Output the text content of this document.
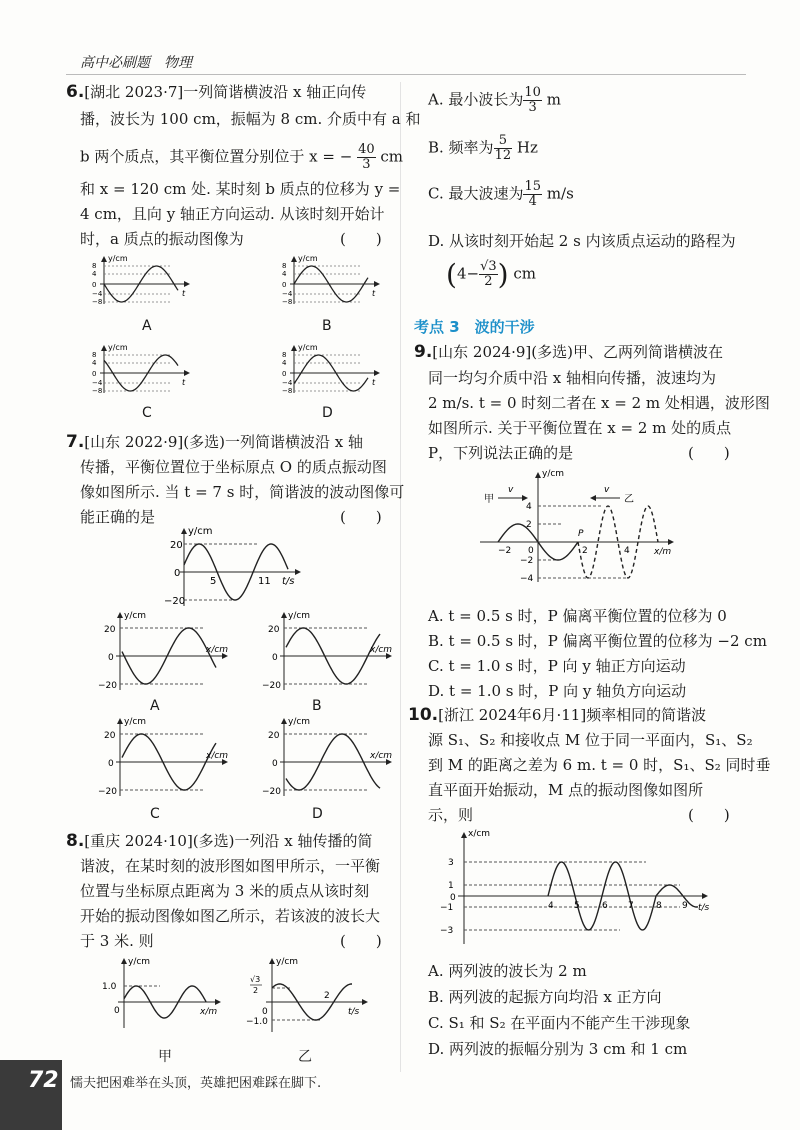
高中必刷题　物理
6.[湖北 2023·7]一列简谐横波沿 x 轴正向传
播，波长为 100 cm，振幅为 8 cm. 介质中有 a 和
b 两个质点，其平衡位置分别位于 x = − $\frac{40}{3}$ cm
和 x = 120 cm 处. 某时刻 b 质点的位移为 y =
4 cm，且向 y 轴正方向运动. 从该时刻开始计
时，a 质点的振动图像为	(　　)
y/cm
8
4
0
−4
−8
t
y/cm
8
4
0
−4
−8
t
y/cm
8
4
0
−4
−8
t
y/cm
8
4
0
−4
−8
t
A	B
C	D
7.[山东 2022·9](多选)一列简谐横波沿 x 轴
传播，平衡位置位于坐标原点 O 的质点振动图
像如图所示. 当 t = 7 s 时，简谐波的波动图像可
能正确的是	(　　)
y/cm
20
0
−20
5	11 t/s
y/cm
20
0
−20
x/cm
y/cm
20
0
−20
x/cm
y/cm
20
0
−20
x/cm
y/cm
20
0
−20
x/cm
A	B
C	D
8.[重庆 2024·10](多选)一列沿 x 轴传播的简
谐波，在某时刻的波形图如图甲所示，一平衡
位置与坐标原点距离为 3 米的质点从该时刻
开始的振动图像如图乙所示，若该波的波长大
于 3 米. 则	(　　)
y/cm
1.0
0	x/m
y/cm
√3
2
0
−1.0
2
t/s
甲	乙
A. 最小波长为 $\frac{10}{3}$ m
B. 频率为 $\frac{5}{12}$ Hz
C. 最大波速为 $\frac{15}{4} m/s$
D. 从该时刻开始起 2 s 内该质点运动的路程为
($4- \frac{√3}{2}$ ) cm
考点 3　波的干涉
9.[山东 2024·9](多选)甲、乙两列简谐横波在
同一均匀介质中沿 x 轴相向传播，波速均为
2 m/s. t = 0 时刻二者在 x = 2 m 处相遇，波形图
如图所示. 关于平衡位置在 x = 2 m 处的质点
P，下列说法正确的是	(　　)
甲
v	v
乙
y/cm
4
2
0
−2
−4
−2	2	4
P
x/m
A. t = 0.5 s 时，P 偏离平衡位置的位移为 0
B. t = 0.5 s 时，P 偏离平衡位置的位移为 −2 cm
C. t = 1.0 s 时，P 向 y 轴正方向运动
D. t = 1.0 s 时，P 向 y 轴负方向运动
10.[浙江 2024年6月·11]频率相同的简谐波
源 S₁、S₂ 和接收点 M 位于同一平面内，S₁、S₂
到 M 的距离之差为 6 m. t = 0 时，S₁、S₂ 同时垂
直平面开始振动，M 点的振动图像如图所
示，则	(　　)
x/cm
3
1
0
−1
−3
4 5 6 7 8 9 t/s
A. 两列波的波长为 2 m
B. 两列波的起振方向均沿 x 正方向
C. S₁ 和 S₂ 在平面内不能产生干涉现象
D. 两列波的振幅分别为 3 cm 和 1 cm
72 懦夫把困难举在头顶，英雄把困难踩在脚下.
